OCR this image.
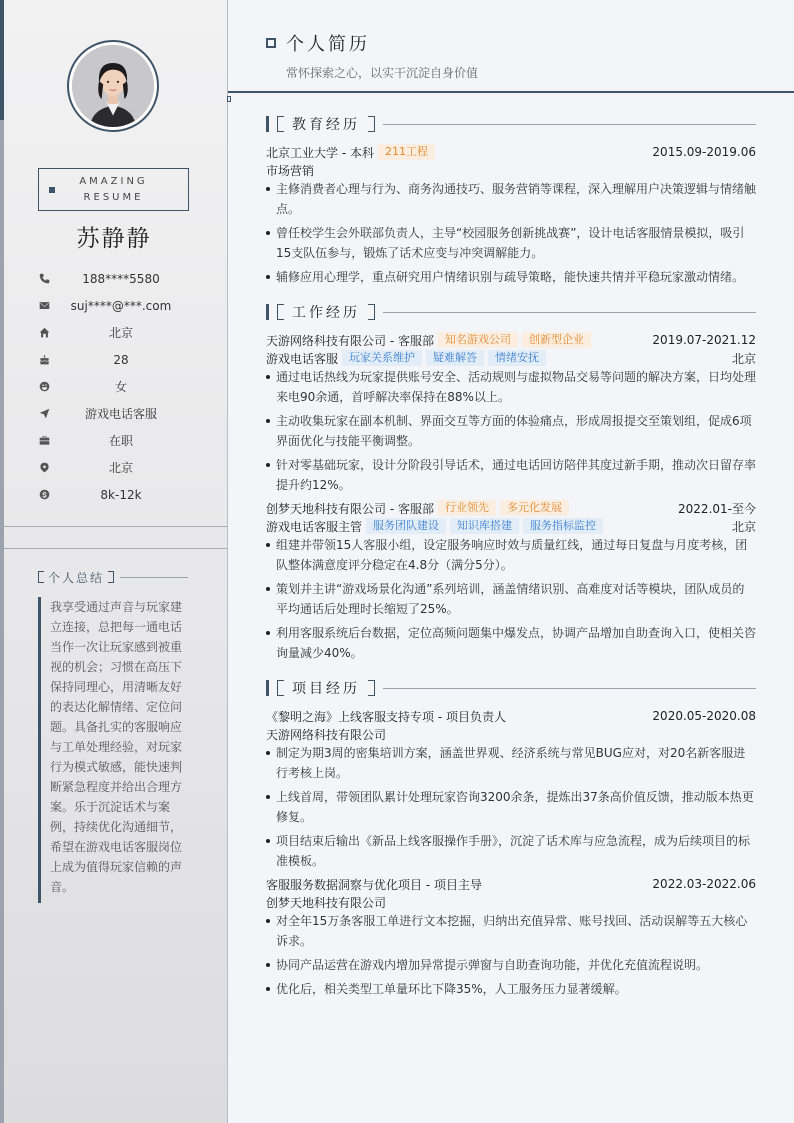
AMAZING
RESUME
苏静静
188****5580
suj****@***.com
北京
28
女
游戏电话客服
在职
北京
8k-12k
个人总结
我享受通过声音与玩家建立连接，总把每一通电话当作一次让玩家感到被重视的机会；习惯在高压下保持同理心，用清晰友好的表达化解情绪、定位问题。具备扎实的客服响应与工单处理经验，对玩家行为模式敏感，能快速判断紧急程度并给出合理方案。乐于沉淀话术与案例，持续优化沟通细节，希望在游戏电话客服岗位上成为值得玩家信赖的声音。
个人简历
常怀探索之心，以实干沉淀自身价值
教育经历
北京工业大学 - 本科	211工程	2015.09-2019.06
市场营销
主修消费者心理与行为、商务沟通技巧、服务营销等课程，深入理解用户决策逻辑与情绪触点。
曾任校学生会外联部负责人，主导“校园服务创新挑战赛”，设计电话客服情景模拟，吸引15支队伍参与，锻炼了话术应变与冲突调解能力。
辅修应用心理学，重点研究用户情绪识别与疏导策略，能快速共情并平稳玩家激动情绪。
工作经历
天游网络科技有限公司 - 客服部	知名游戏公司	创新型企业	2019.07-2021.12
游戏电话客服	玩家关系维护	疑难解答	情绪安抚	北京
通过电话热线为玩家提供账号安全、活动规则与虚拟物品交易等问题的解决方案，日均处理来电90余通，首呼解决率保持在88%以上。
主动收集玩家在副本机制、界面交互等方面的体验痛点，形成周报提交至策划组，促成6项界面优化与技能平衡调整。
针对零基础玩家，设计分阶段引导话术，通过电话回访陪伴其度过新手期，推动次日留存率提升约12%。
创梦天地科技有限公司 - 客服部	行业领先	多元化发展	2022.01-至今
游戏电话客服主管	服务团队建设	知识库搭建	服务指标监控	北京
组建并带领15人客服小组，设定服务响应时效与质量红线，通过每日复盘与月度考核，团队整体满意度评分稳定在4.8分（满分5分）。
策划并主讲“游戏场景化沟通”系列培训，涵盖情绪识别、高难度对话等模块，团队成员的平均通话后处理时长缩短了25%。
利用客服系统后台数据，定位高频问题集中爆发点，协调产品增加自助查询入口，使相关咨询量减少40%。
项目经历
《黎明之海》上线客服支持专项 - 项目负责人	2020.05-2020.08
天游网络科技有限公司
制定为期3周的密集培训方案，涵盖世界观、经济系统与常见BUG应对，对20名新客服进行考核上岗。
上线首周，带领团队累计处理玩家咨询3200余条，提炼出37条高价值反馈，推动版本热更修复。
项目结束后输出《新品上线客服操作手册》，沉淀了话术库与应急流程，成为后续项目的标准模板。
客服服务数据洞察与优化项目 - 项目主导	2022.03-2022.06
创梦天地科技有限公司
对全年15万条客服工单进行文本挖掘，归纳出充值异常、账号找回、活动误解等五大核心诉求。
协同产品运营在游戏内增加异常提示弹窗与自助查询功能，并优化充值流程说明。
优化后，相关类型工单量环比下降35%，人工服务压力显著缓解。
